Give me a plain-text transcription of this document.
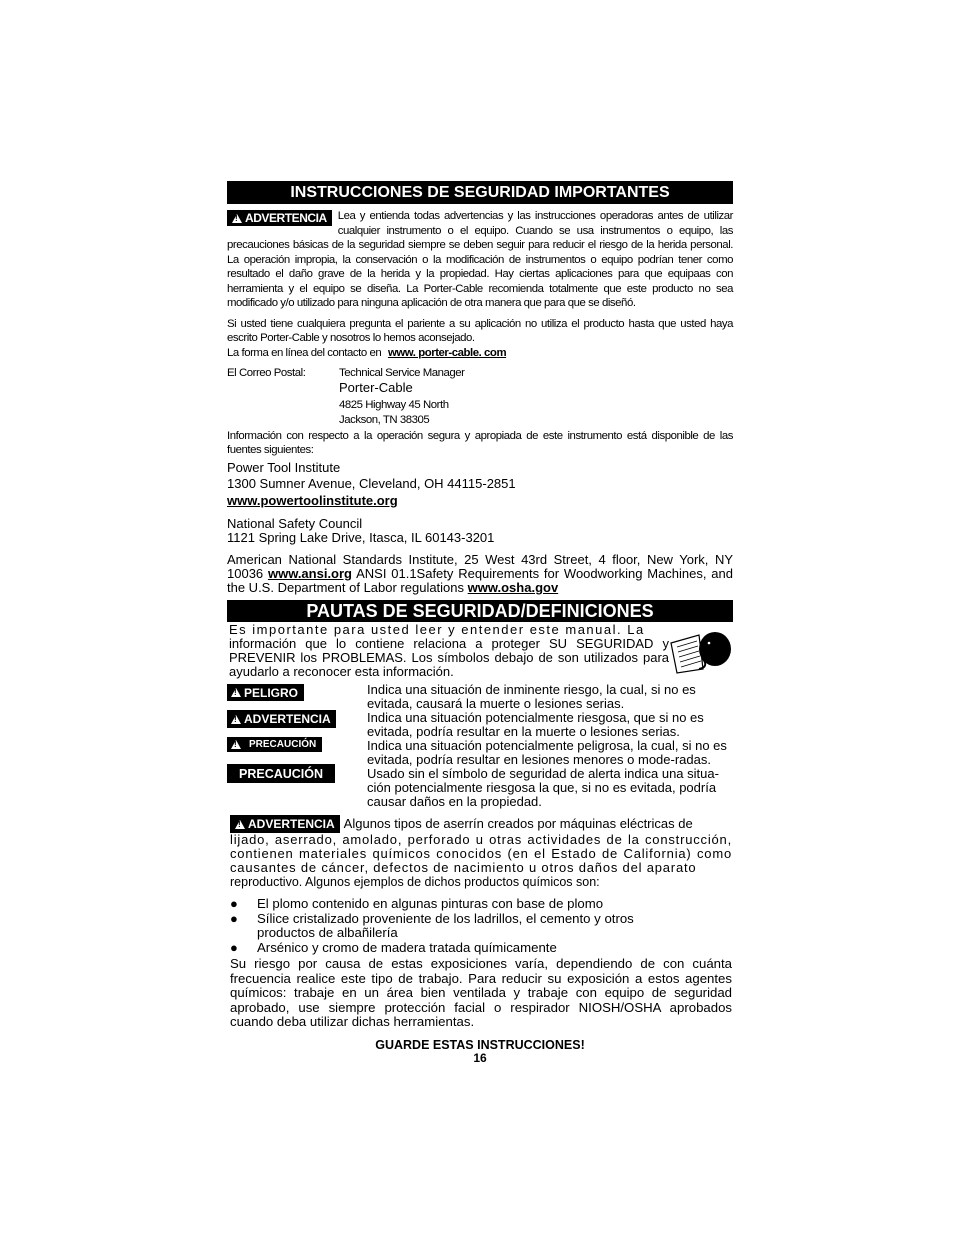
INSTRUCCIONES DE SEGURIDAD IMPORTANTES
!
ADVERTENCIA Lea y entienda todas advertencias y las instrucciones operadoras antes de utilizar cualquier instrumento o el equipo. Cuando se usa instrumentos o equipo, las precauciones básicas de la seguridad siempre se deben seguir para reducir el riesgo de la herida personal. La operación impropia, la conservación o la modificación de instrumentos o equipo podrían tener como resultado el daño grave de la herida y la propiedad. Hay ciertas aplicaciones para que equipaas con herramienta y el equipo se diseña. La Porter-Cable recomienda totalmente que este producto no sea modificado y/o utilizado para ninguna aplicación de otra manera que para que se diseñó.
Si usted tiene cualquiera pregunta el pariente a su aplicación no utiliza el producto hasta que usted haya escrito Porter-Cable y nosotros lo hemos aconsejado.
La forma en línea del contacto en www. porter-cable. com
El Correo Postal:	Technical Service Manager
Porter-Cable
4825 Highway 45 North
Jackson, TN 38305
Información con respecto a la operación segura y apropiada de este instrumento está disponible de las fuentes siguientes:
Power Tool Institute
1300 Sumner Avenue, Cleveland, OH 44115-2851
www.powertoolinstitute.org
National Safety Council
1121 Spring Lake Drive, Itasca, IL 60143-3201
American National Standards Institute, 25 West 43rd Street, 4 floor, New York, NY 10036 www.ansi.org ANSI 01.1Safety Requirements for Woodworking Machines, and the U.S. Department of Labor regulations www.osha.gov
PAUTAS DE SEGURIDAD/DEFINICIONES
Es importante para usted leer y entender este manual. La
información que lo contiene relaciona a proteger SU SEGURIDAD y PREVENIR los PROBLEMAS. Los símbolos debajo de son utilizados para ayudarlo a reconocer esta información.
!
PELIGRO	Indica una situación de inminente riesgo, la cual, si no es evitada, causará la muerte o lesiones serias.
!
ADVERTENCIA	Indica una situación potencialmente riesgosa, que si no es evitada, podría resultar en la muerte o lesiones serias.
!
PRECAUCIÓN	Indica una situación potencialmente peligrosa, la cual, si no es evitada, podría resultar en lesiones menores o mode-radas.
PRECAUCIÓN	Usado sin el símbolo de seguridad de alerta indica una situa-ción potencialmente riesgosa la que, si no es evitada, podría causar daños en la propiedad.
!
ADVERTENCIA Algunos tipos de aserrín creados por máquinas eléctricas de
lijado, aserrado, amolado, perforado u otras actividades de la construcción, contienen materiales químicos conocidos (en el Estado de California) como causantes de cáncer, defectos de nacimiento u otros daños del aparato
reproductivo. Algunos ejemplos de dichos productos químicos son:
●	El plomo contenido en algunas pinturas con base de plomo
●	Sílice cristalizado proveniente de los ladrillos, el cemento y otros productos de albañilería
●	Arsénico y cromo de madera tratada químicamente
Su riesgo por causa de estas exposiciones varía, dependiendo de con cuánta frecuencia realice este tipo de trabajo. Para reducir su exposición a estos agentes químicos: trabaje en un área bien ventilada y trabaje con equipo de seguridad aprobado, use siempre protección facial o respirador NIOSH/OSHA aprobados cuando deba utilizar dichas herramientas.
GUARDE ESTAS INSTRUCCIONES!
16
